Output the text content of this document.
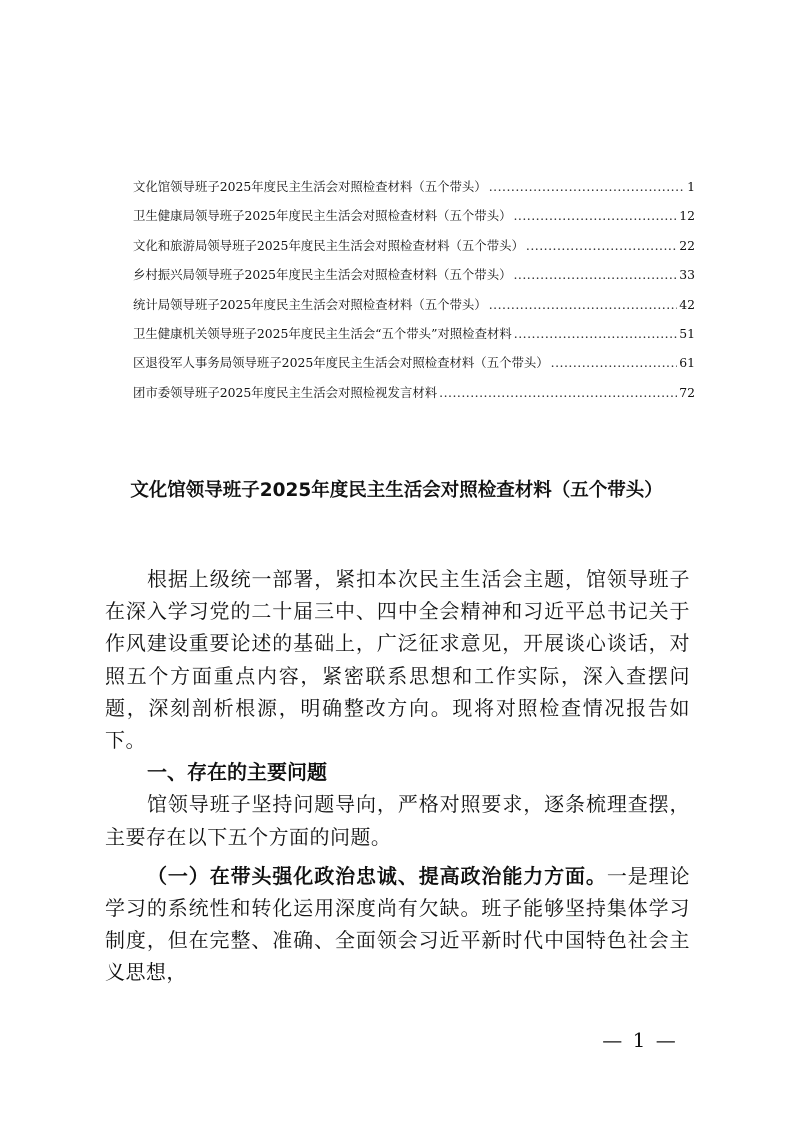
文化馆领导班子2025年度民主生活会对照检查材料（五个带头） .....	1
卫生健康局领导班子2025年度民主生活会对照检查材料（五个带头） .....	12
文化和旅游局领导班子2025年度民主生活会对照检查材料（五个带头） .....	22
乡村振兴局领导班子2025年度民主生活会对照检查材料（五个带头） .....	33
统计局领导班子2025年度民主生活会对照检查材料（五个带头） .....	42
卫生健康机关领导班子2025年度民主生活会“五个带头”对照检查材料 .....	51
区退役军人事务局领导班子2025年度民主生活会对照检查材料（五个带头） .....	61
团市委领导班子2025年度民主生活会对照检视发言材料 .....	72
文化馆领导班子2025年度民主生活会对照检查材料（五个带头）

根据上级统一部署，紧扣本次民主生活会主题，馆领导班子在深入学习党的二十届三中、四中全会精神和习近平总书记关于作风建设重要论述的基础上，广泛征求意见，开展谈心谈话，对照五个方面重点内容，紧密联系思想和工作实际，深入查摆问题，深刻剖析根源，明确整改方向。现将对照检查情况报告如下。

一、存在的主要问题

馆领导班子坚持问题导向，严格对照要求，逐条梳理查摆，主要存在以下五个方面的问题。

（一）在带头强化政治忠诚、提高政治能力方面。一是理论学习的系统性和转化运用深度尚有欠缺。班子能够坚持集体学习制度，但在完整、准确、全面领会习近平新时代中国特色社会主义思想，

— 1 —
